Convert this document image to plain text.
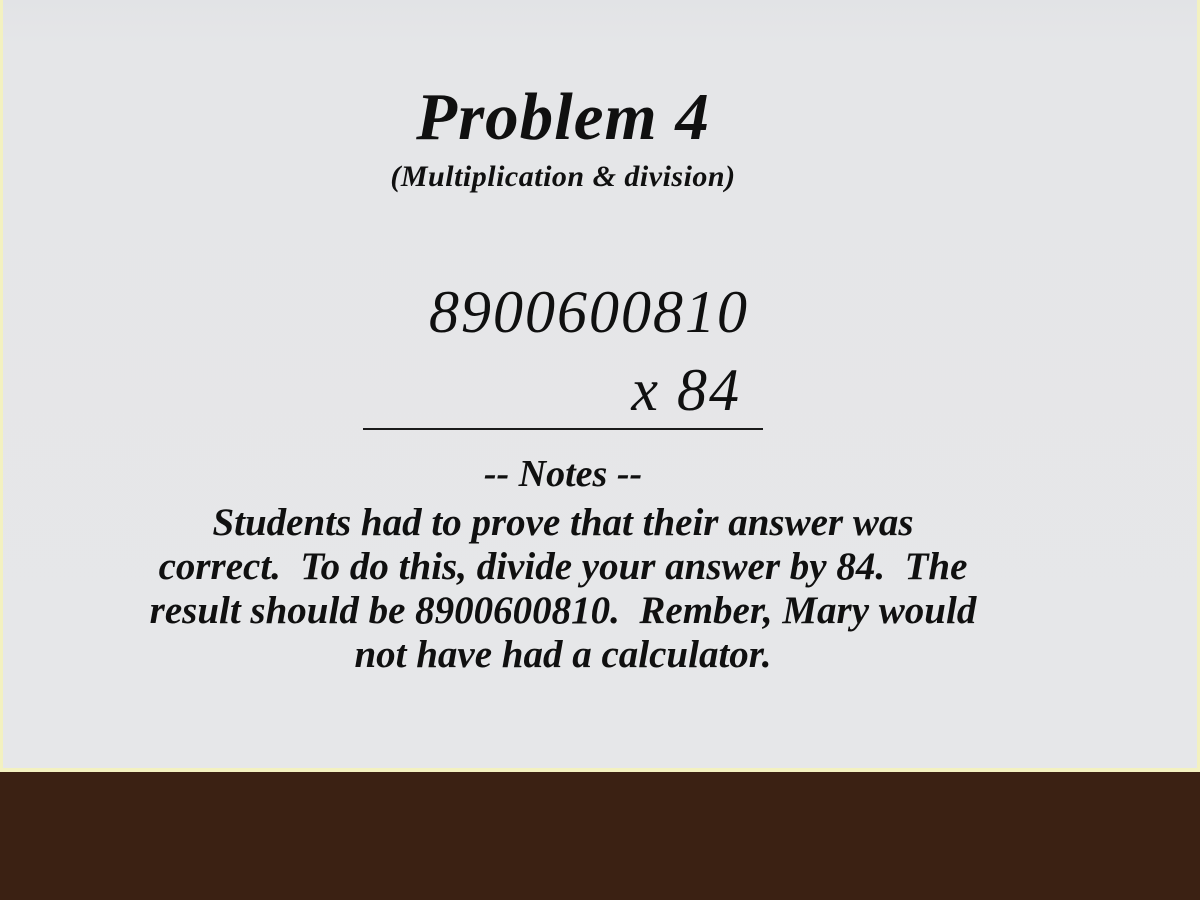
Problem 4
(Multiplication & division)
8900600810
x 84
-- Notes --
Students had to prove that their answer was
correct.  To do this, divide your answer by 84.  The
result should be 8900600810.  Rember, Mary would
not have had a calculator.
